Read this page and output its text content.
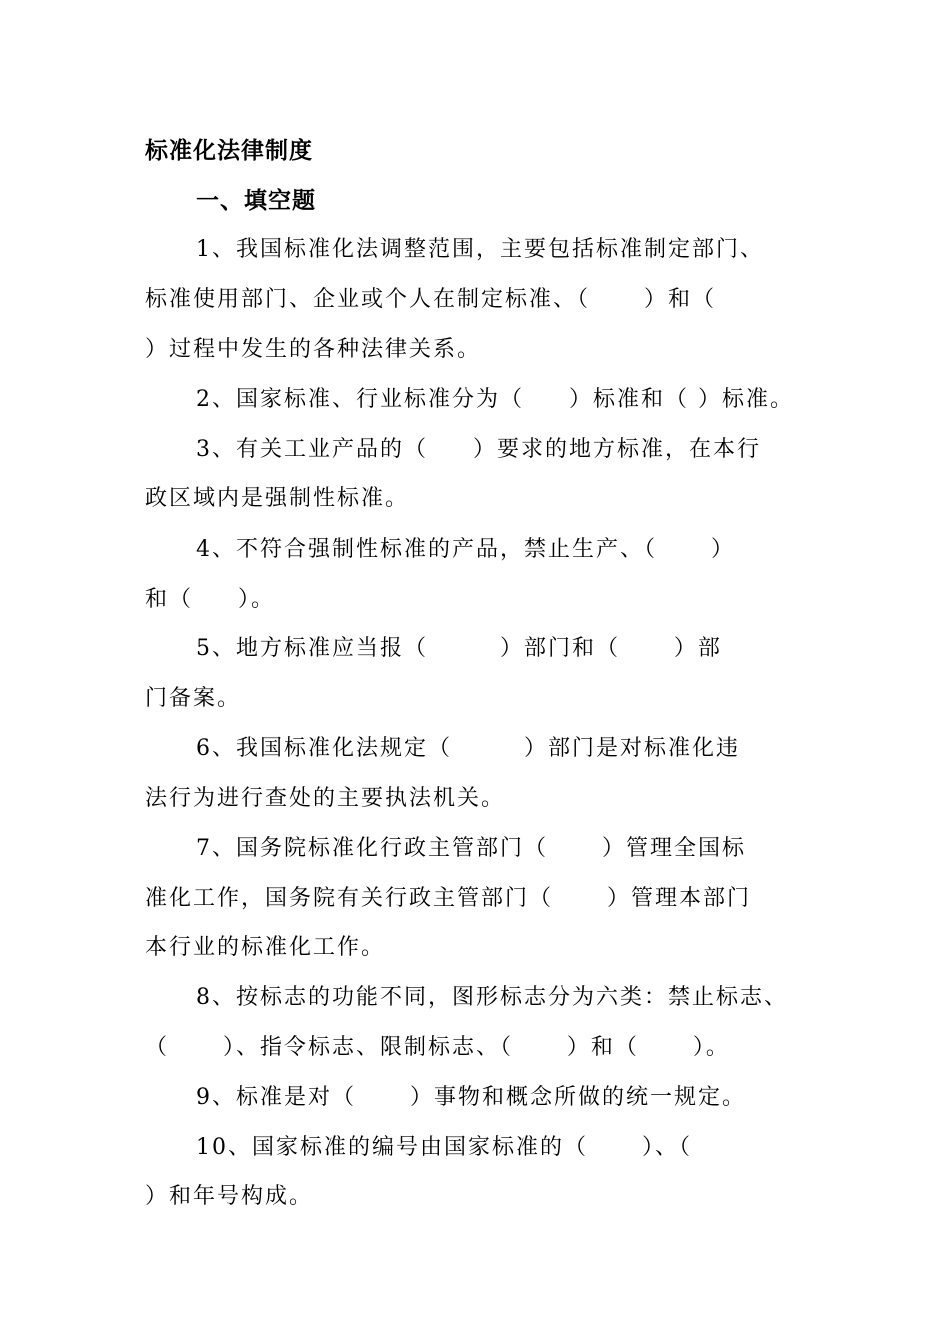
标准化法律制度
一、填空题
1、我国标准化法调整范围，主要包括标准制定部门、
标准使用部门、企业或个人在制定标准、（      ）和（
）过程中发生的各种法律关系。
2、国家标准、行业标准分为（     ）标准和（ ）标准。
3、有关工业产品的（     ）要求的地方标准，在本行
政区域内是强制性标准。
4、不符合强制性标准的产品，禁止生产、（      ）
和（     ）。
5、地方标准应当报（        ）部门和（      ）部
门备案。
6、我国标准化法规定（        ）部门是对标准化违
法行为进行查处的主要执法机关。
7、国务院标准化行政主管部门（      ）管理全国标
准化工作，国务院有关行政主管部门（      ）管理本部门
本行业的标准化工作。
8、按标志的功能不同，图形标志分为六类：禁止标志、
（      ）、指令标志、限制标志、（      ）和（      ）。
9、标准是对（      ）事物和概念所做的统一规定。
10、国家标准的编号由国家标准的（      ）、（
）和年号构成。
